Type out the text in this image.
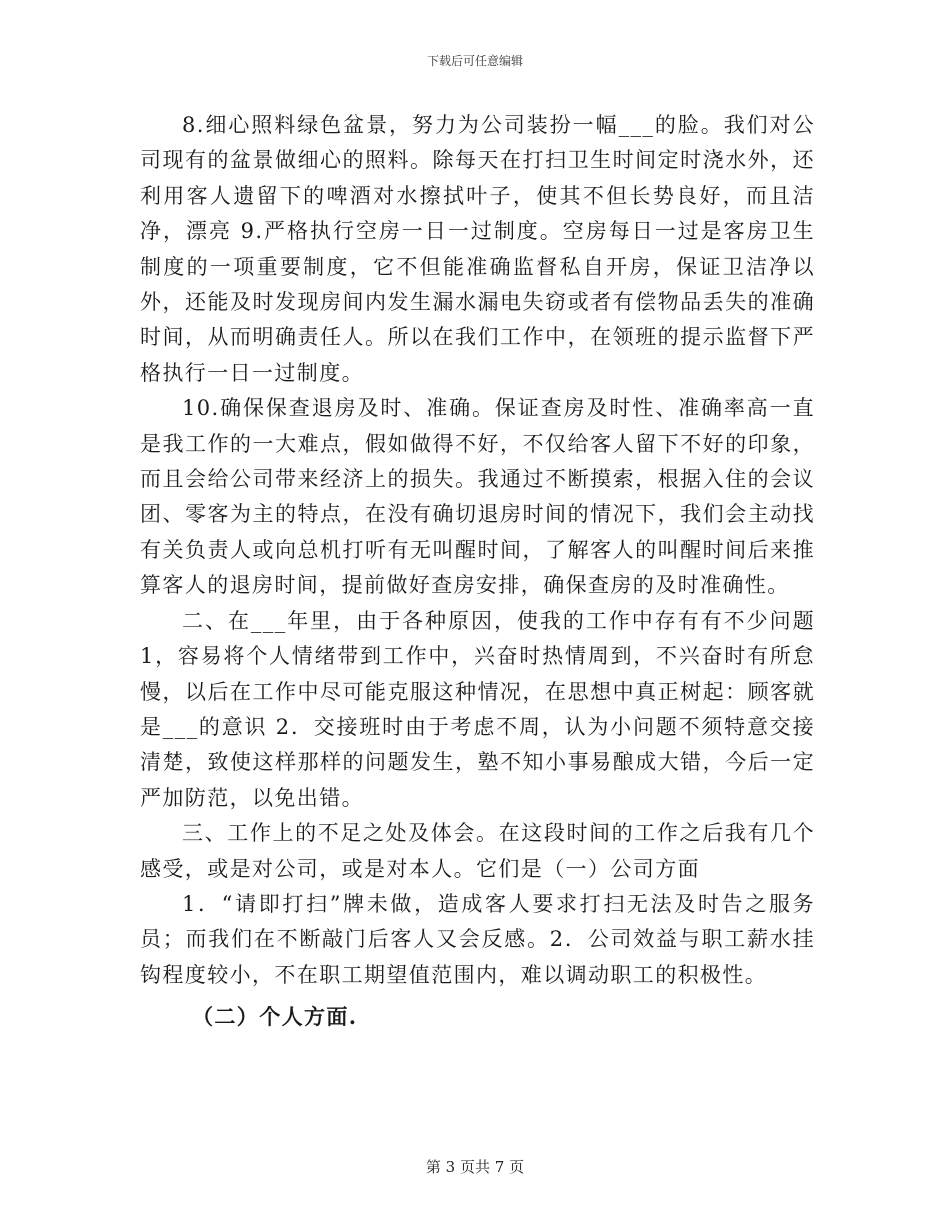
下载后可任意编辑

8.细心照料绿色盆景，努力为公司装扮一幅___的脸。我们对公司现有的盆景做细心的照料。除每天在打扫卫生时间定时浇水外，还利用客人遗留下的啤酒对水擦拭叶子，使其不但长势良好，而且洁净，漂亮 9.严格执行空房一日一过制度。空房每日一过是客房卫生制度的一项重要制度，它不但能准确监督私自开房，保证卫洁净以外，还能及时发现房间内发生漏水漏电失窃或者有偿物品丢失的准确时间，从而明确责任人。所以在我们工作中，在领班的提示监督下严格执行一日一过制度。

10.确保保查退房及时、准确。保证查房及时性、准确率高一直是我工作的一大难点，假如做得不好，不仅给客人留下不好的印象，而且会给公司带来经济上的损失。我通过不断摸索，根据入住的会议团、零客为主的特点，在没有确切退房时间的情况下，我们会主动找有关负责人或向总机打听有无叫醒时间，了解客人的叫醒时间后来推算客人的退房时间，提前做好查房安排，确保查房的及时准确性。

二、在___年里，由于各种原因，使我的工作中存有有不少问题 1，容易将个人情绪带到工作中，兴奋时热情周到，不兴奋时有所怠慢，以后在工作中尽可能克服这种情况，在思想中真正树起：顾客就是___的意识 2．交接班时由于考虑不周，认为小问题不须特意交接清楚，致使这样那样的问题发生，塾不知小事易酿成大错，今后一定严加防范，以免出错。

三、工作上的不足之处及体会。在这段时间的工作之后我有几个感受，或是对公司，或是对本人。它们是（一）公司方面

1．“请即打扫”牌未做，造成客人要求打扫无法及时告之服务员；而我们在不断敲门后客人又会反感。2．公司效益与职工薪水挂钩程度较小，不在职工期望值范围内，难以调动职工的积极性。

（二）个人方面.

第 3 页共 7 页
